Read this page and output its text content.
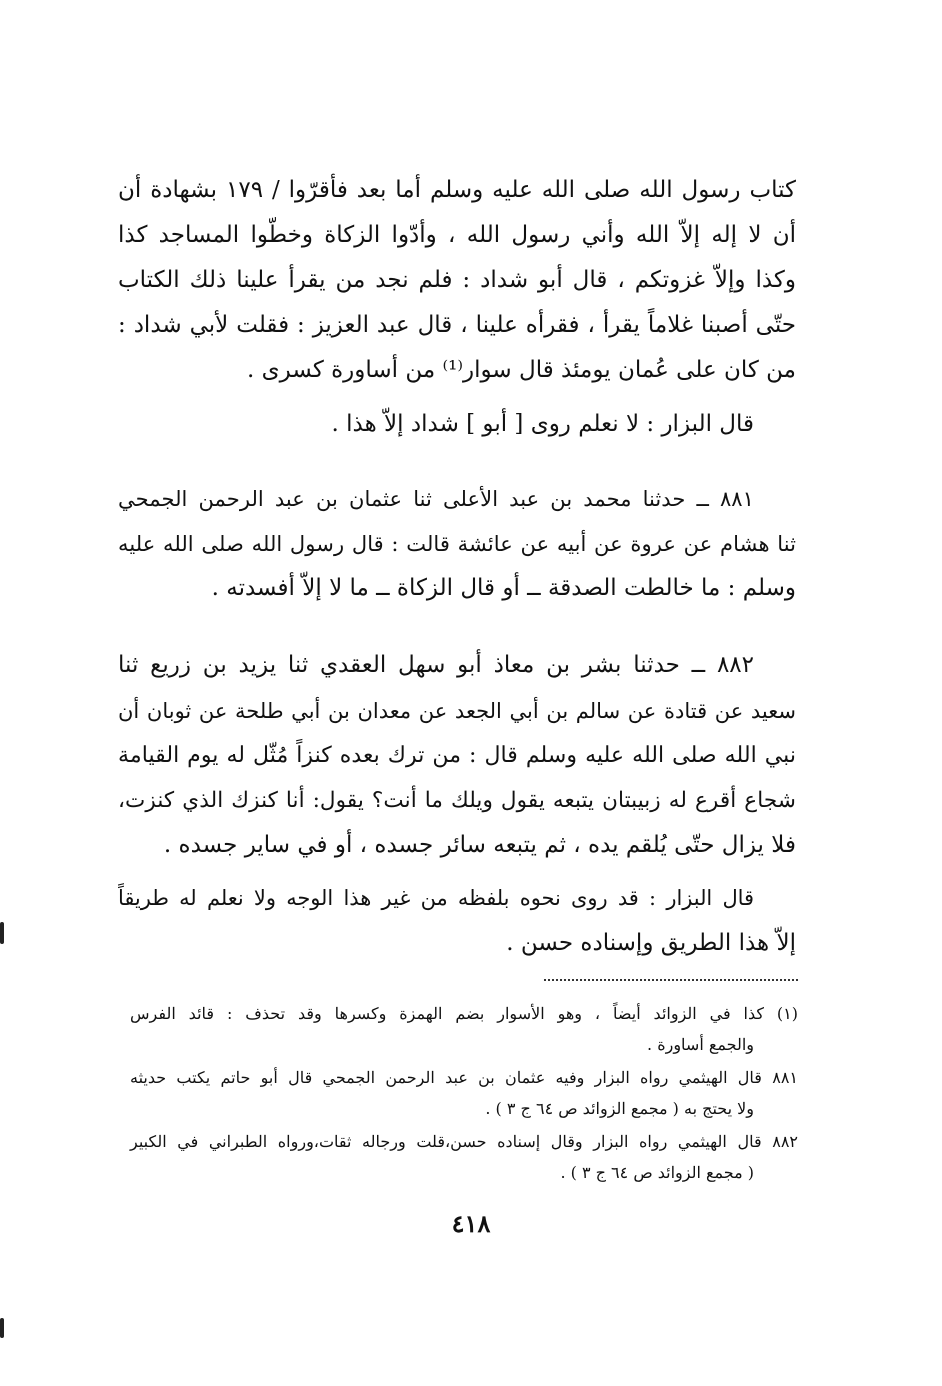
كتاب رسول الله صلى الله عليه وسلم أما بعد فأقرّوا / ١٧٩ بشهادة أن
أن لا إله إلاّ الله وأني رسول الله ، وأدّوا الزكاة وخطّوا المساجد كذا
وكذا وإلاّ غزوتكم ، قال أبو شداد : فلم نجد من يقرأ علينا ذلك الكتاب
حتّى أصبنا غلاماً يقرأ ، فقرأه علينا ، قال عبد العزيز : فقلت لأبي شداد :
من كان على عُمان يومئذ قال سوار⁽¹⁾ من أساورة كسرى .
قال البزار : لا نعلم روى [ أبو ] شداد إلاّ هذا .
٨٨١ ــ حدثنا محمد بن عبد الأعلى ثنا عثمان بن عبد الرحمن الجمحي
ثنا هشام عن عروة عن أبيه عن عائشة قالت : قال رسول الله صلى الله عليه
وسلم : ما خالطت الصدقة ــ أو قال الزكاة ــ ما لا إلاّ أفسدته .
٨٨٢ ــ حدثنا بشر بن معاذ أبو سهل العقدي ثنا يزيد بن زريع ثنا
سعيد عن قتادة عن سالم بن أبي الجعد عن معدان بن أبي طلحة عن ثوبان أن
نبي الله صلى الله عليه وسلم قال : من ترك بعده كنزاً مُثّل له يوم القيامة
شجاع أقرع له زبيبتان يتبعه يقول ويلك ما أنت؟ يقول: أنا كنزك الذي كنزت،
فلا يزال حتّى يُلقم يده ، ثم يتبعه سائر جسده ، أو في ساير جسده .
قال البزار : قد روى نحوه بلفظه من غير هذا الوجه ولا نعلم له طريقاً
إلاّ هذا الطريق وإسناده حسن .
(١) كذا في الزوائد أيضاً ، وهو الأسوار بضم الهمزة وكسرها وقد تحذف : قائد الفرس
والجمع أساورة .
٨٨١ قال الهيثمي رواه البزار وفيه عثمان بن عبد الرحمن الجمحي قال أبو حاتم يكتب حديثه
ولا يحتج به ( مجمع الزوائد ص ٦٤ ج ٣ ) .
٨٨٢ قال الهيثمي رواه البزار وقال إسناده حسن،قلت ورجاله ثقات،ورواه الطبراني في الكبير
( مجمع الزوائد ص ٦٤ ج ٣ ) .
٤١٨
